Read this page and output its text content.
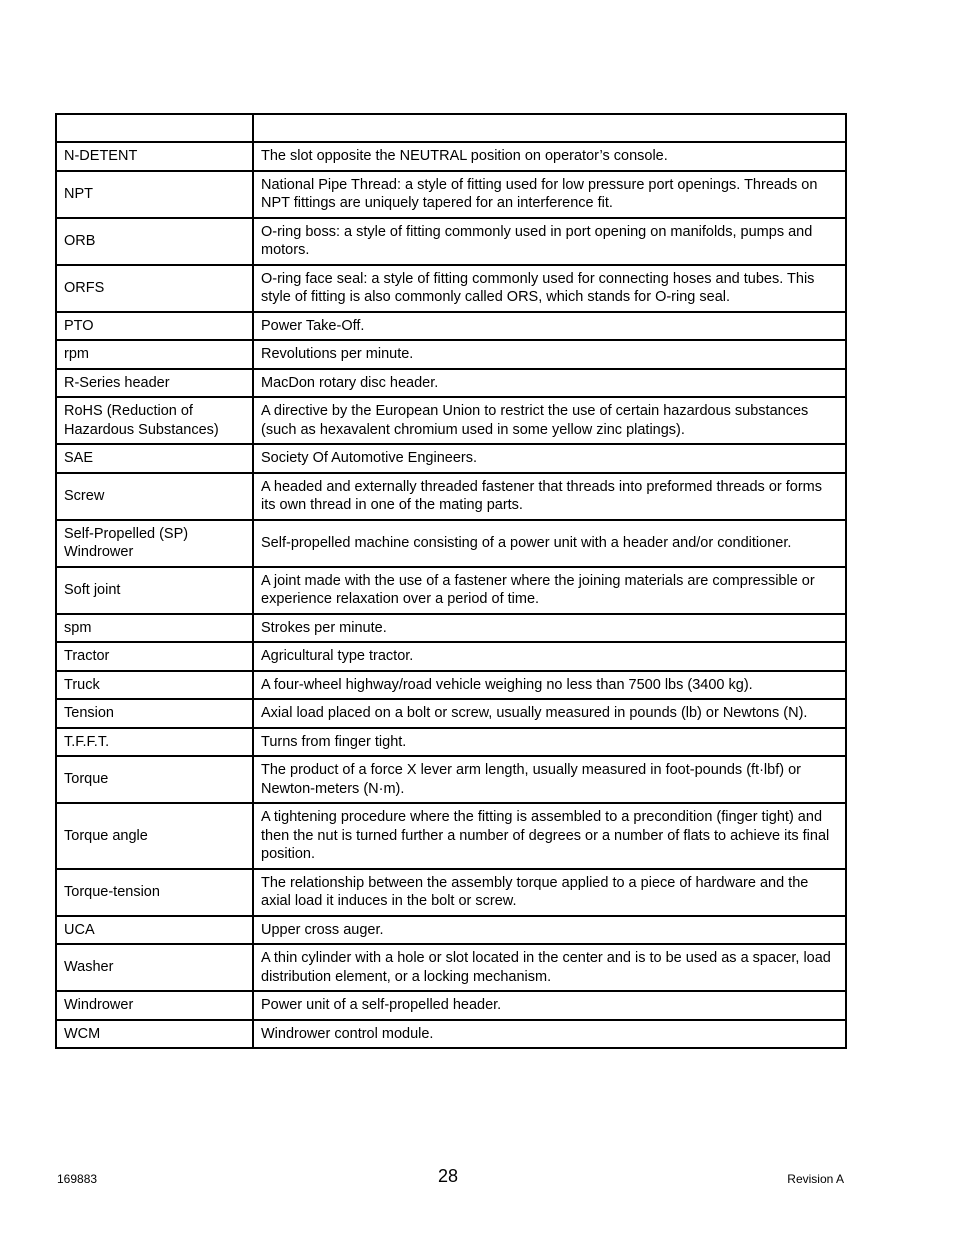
N-DETENT	The slot opposite the NEUTRAL position on operator’s console.
NPT	National Pipe Thread: a style of fitting used for low pressure port openings. Threads on NPT fittings are uniquely tapered for an interference fit.
ORB	O-ring boss: a style of fitting commonly used in port opening on manifolds, pumps and motors.
ORFS	O-ring face seal: a style of fitting commonly used for connecting hoses and tubes. This style of fitting is also commonly called ORS, which stands for O-ring seal.
PTO	Power Take-Off.
rpm	Revolutions per minute.
R-Series header	MacDon rotary disc header.
RoHS (Reduction of Hazardous Substances)	A directive by the European Union to restrict the use of certain hazardous substances (such as hexavalent chromium used in some yellow zinc platings).
SAE	Society Of Automotive Engineers.
Screw	A headed and externally threaded fastener that threads into preformed threads or forms its own thread in one of the mating parts.
Self-Propelled (SP) Windrower	Self-propelled machine consisting of a power unit with a header and/or conditioner.
Soft joint	A joint made with the use of a fastener where the joining materials are compressible or experience relaxation over a period of time.
spm	Strokes per minute.
Tractor	Agricultural type tractor.
Truck	A four-wheel highway/road vehicle weighing no less than 7500 lbs (3400 kg).
Tension	Axial load placed on a bolt or screw, usually measured in pounds (lb) or Newtons (N).
T.F.F.T.	Turns from finger tight.
Torque	The product of a force X lever arm length, usually measured in foot-pounds (ft·lbf) or Newton-meters (N·m).
Torque angle	A tightening procedure where the fitting is assembled to a precondition (finger tight) and then the nut is turned further a number of degrees or a number of flats to achieve its final position.
Torque-tension	The relationship between the assembly torque applied to a piece of hardware and the axial load it induces in the bolt or screw.
UCA	Upper cross auger.
Washer	A thin cylinder with a hole or slot located in the center and is to be used as a spacer, load distribution element, or a locking mechanism.
Windrower	Power unit of a self-propelled header.
WCM	Windrower control module.
169883	28	Revision A
